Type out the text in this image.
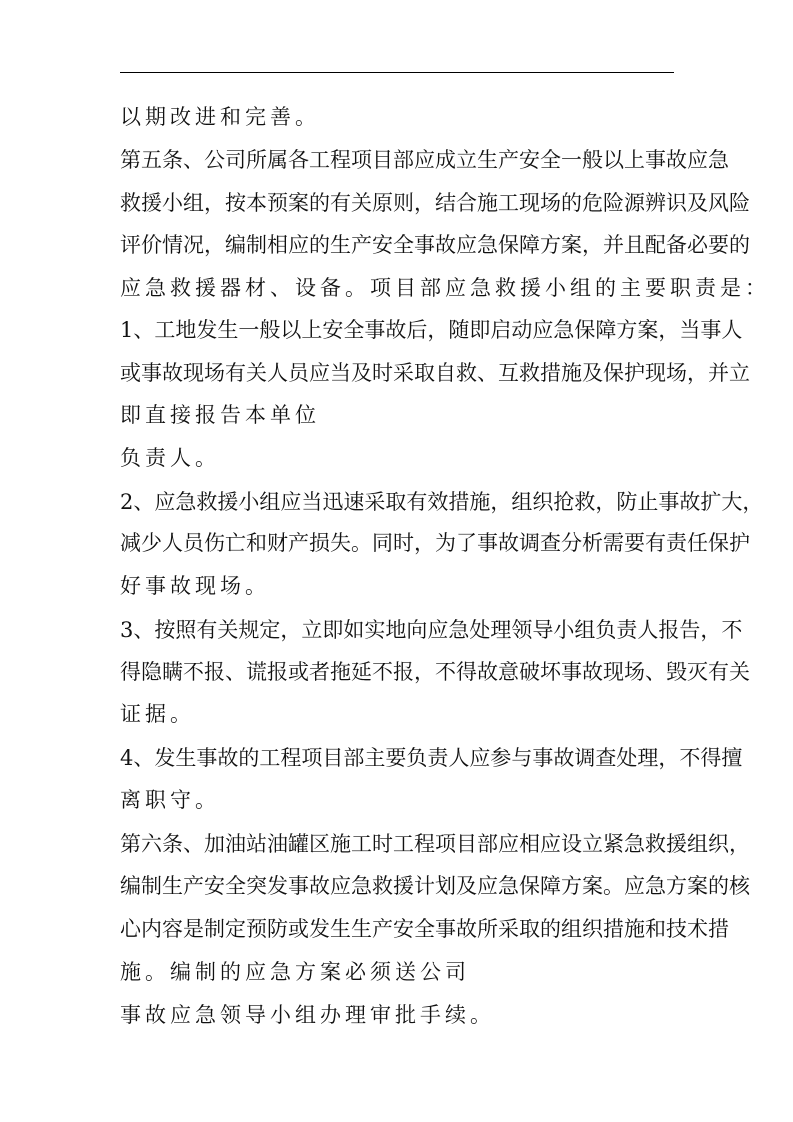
以期改进和完善。
第五条、公司所属各工程项目部应成立生产安全一般以上事故应急
救援小组，按本预案的有关原则，结合施工现场的危险源辨识及风险
评价情况，编制相应的生产安全事故应急保障方案，并且配备必要的
应急救援器材、设备。项目部应急救援小组的主要职责是：
1、工地发生一般以上安全事故后，随即启动应急保障方案，当事人
或事故现场有关人员应当及时采取自救、互救措施及保护现场，并立
即直接报告本单位
负责人。
2、应急救援小组应当迅速采取有效措施，组织抢救，防止事故扩大，
减少人员伤亡和财产损失。同时，为了事故调查分析需要有责任保护
好事故现场。
3、按照有关规定，立即如实地向应急处理领导小组负责人报告，不
得隐瞒不报、谎报或者拖延不报，不得故意破坏事故现场、毁灭有关
证据。
4、发生事故的工程项目部主要负责人应参与事故调查处理，不得擅
离职守。
第六条、加油站油罐区施工时工程项目部应相应设立紧急救援组织，
编制生产安全突发事故应急救援计划及应急保障方案。应急方案的核
心内容是制定预防或发生生产安全事故所采取的组织措施和技术措
施。编制的应急方案必须送公司
事故应急领导小组办理审批手续。
